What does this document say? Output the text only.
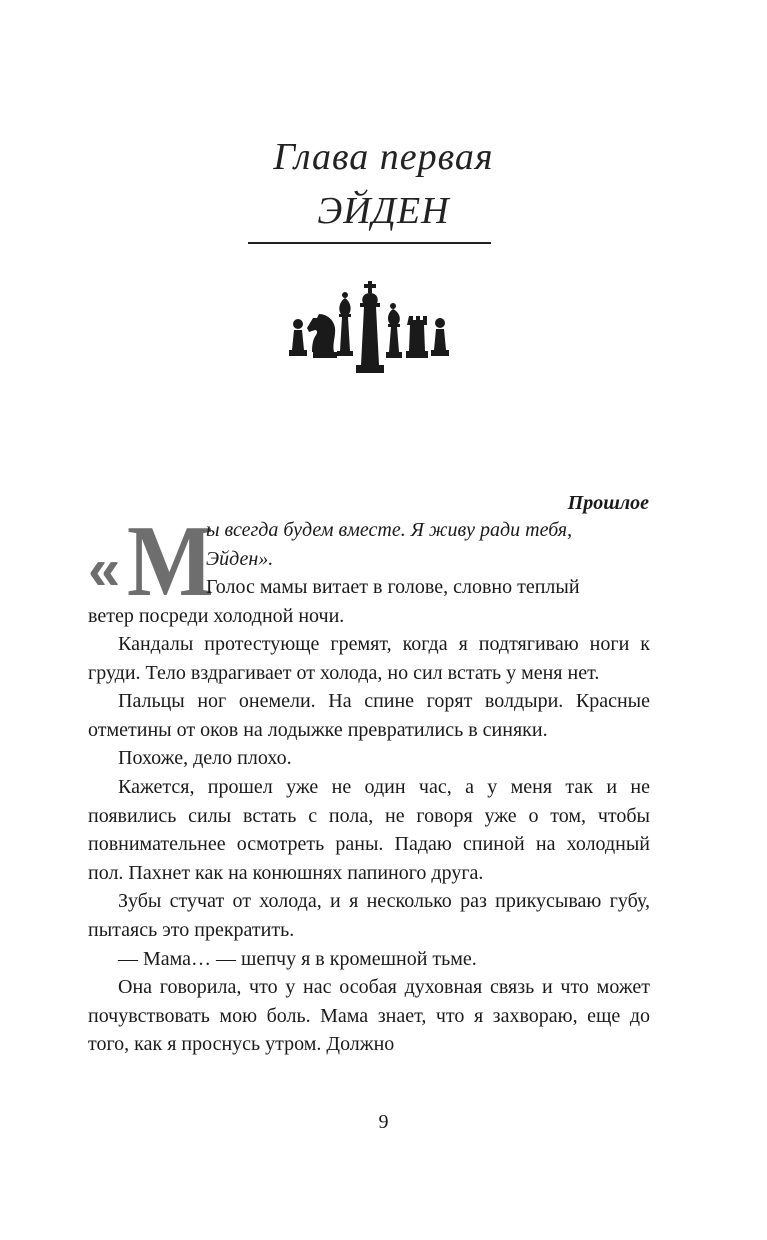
Глава первая
ЭЙДЕН
Прошлое
« М

ы всегда будем вместе. Я живу ради тебя,
Эйден».
Голос мамы витает в голове, словно теплый
ветер посреди холодной ночи.

Кандалы протестующе гремят, когда я подтягиваю ноги к груди. Тело вздрагивает от холода, но сил встать у меня нет.

Пальцы ног онемели. На спине горят волдыри. Красные отметины от оков на лодыжке превратились в синяки.

Похоже, дело плохо.

Кажется, прошел уже не один час, а у меня так и не появились силы встать с пола, не говоря уже о том, чтобы повнимательнее осмотреть раны. Падаю спиной на холодный пол. Пахнет как на конюшнях папиного друга.

Зубы стучат от холода, и я несколько раз прикусываю губу, пытаясь это прекратить.

— Мама… — шепчу я в кромешной тьме.

Она говорила, что у нас особая духовная связь и что может почувствовать мою боль. Мама знает, что я захвораю, еще до того, как я проснусь утром. Должно

9
